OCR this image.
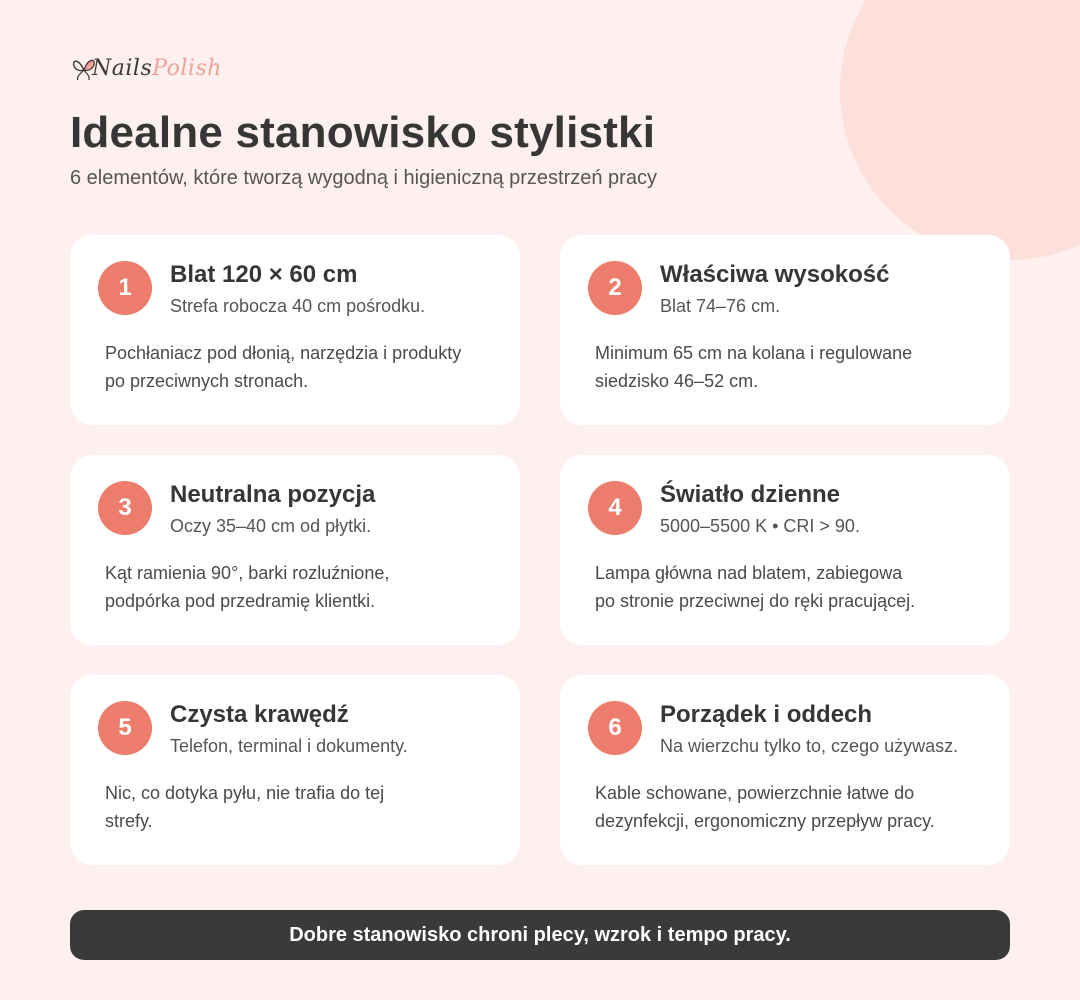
NailsPolish
Idealne stanowisko stylistki
6 elementów, które tworzą wygodną i higieniczną przestrzeń pracy
1	Blat 120 × 60 cm
Strefa robocza 40 cm pośrodku.
Pochłaniacz pod dłonią, narzędzia i produkty
po przeciwnych stronach.
2	Właściwa wysokość
Blat 74–76 cm.
Minimum 65 cm na kolana i regulowane
siedzisko 46–52 cm.
3	Neutralna pozycja
Oczy 35–40 cm od płytki.
Kąt ramienia 90°, barki rozluźnione,
podpórka pod przedramię klientki.
4	Światło dzienne
5000–5500 K • CRI > 90.
Lampa główna nad blatem, zabiegowa
po stronie przeciwnej do ręki pracującej.
5	Czysta krawędź
Telefon, terminal i dokumenty.
Nic, co dotyka pyłu, nie trafia do tej
strefy.
6	Porządek i oddech
Na wierzchu tylko to, czego używasz.
Kable schowane, powierzchnie łatwe do
dezynfekcji, ergonomiczny przepływ pracy.
Dobre stanowisko chroni plecy, wzrok i tempo pracy.
